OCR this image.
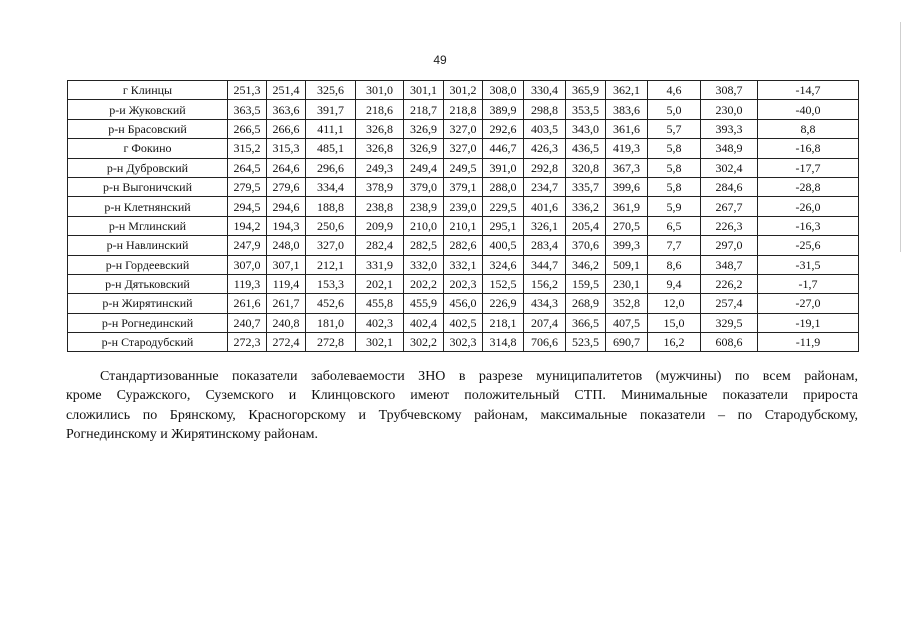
49
г Клинцы	251,3	251,4	325,6	301,0	301,1	301,2	308,0	330,4	365,9	362,1	4,6	308,7	-14,7
р-и Жуковский	363,5	363,6	391,7	218,6	218,7	218,8	389,9	298,8	353,5	383,6	5,0	230,0	-40,0
р-н Брасовский	266,5	266,6	411,1	326,8	326,9	327,0	292,6	403,5	343,0	361,6	5,7	393,3	8,8
г Фокино	315,2	315,3	485,1	326,8	326,9	327,0	446,7	426,3	436,5	419,3	5,8	348,9	-16,8
р-н Дубровский	264,5	264,6	296,6	249,3	249,4	249,5	391,0	292,8	320,8	367,3	5,8	302,4	-17,7
р-н Выгоничский	279,5	279,6	334,4	378,9	379,0	379,1	288,0	234,7	335,7	399,6	5,8	284,6	-28,8
р-н Клетнянский	294,5	294,6	188,8	238,8	238,9	239,0	229,5	401,6	336,2	361,9	5,9	267,7	-26,0
р-н Мглинский	194,2	194,3	250,6	209,9	210,0	210,1	295,1	326,1	205,4	270,5	6,5	226,3	-16,3
р-н Навлинский	247,9	248,0	327,0	282,4	282,5	282,6	400,5	283,4	370,6	399,3	7,7	297,0	-25,6
р-н Гордеевский	307,0	307,1	212,1	331,9	332,0	332,1	324,6	344,7	346,2	509,1	8,6	348,7	-31,5
р-н Дятьковский	119,3	119,4	153,3	202,1	202,2	202,3	152,5	156,2	159,5	230,1	9,4	226,2	-1,7
р-н Жирятинский	261,6	261,7	452,6	455,8	455,9	456,0	226,9	434,3	268,9	352,8	12,0	257,4	-27,0
р-н Рогнединский	240,7	240,8	181,0	402,3	402,4	402,5	218,1	207,4	366,5	407,5	15,0	329,5	-19,1
р-н Стародубский	272,3	272,4	272,8	302,1	302,2	302,3	314,8	706,6	523,5	690,7	16,2	608,6	-11,9
Стандартизованные показатели заболеваемости ЗНО в разрезе муниципалитетов (мужчины) по всем районам,
кроме Суражского, Суземского и Клинцовского имеют положительный СТП. Минимальные показатели прироста
сложились по Брянскому, Красногорскому и Трубчевскому районам, максимальные показатели – по Стародубскому,
Рогнединскому и Жирятинскому районам.
